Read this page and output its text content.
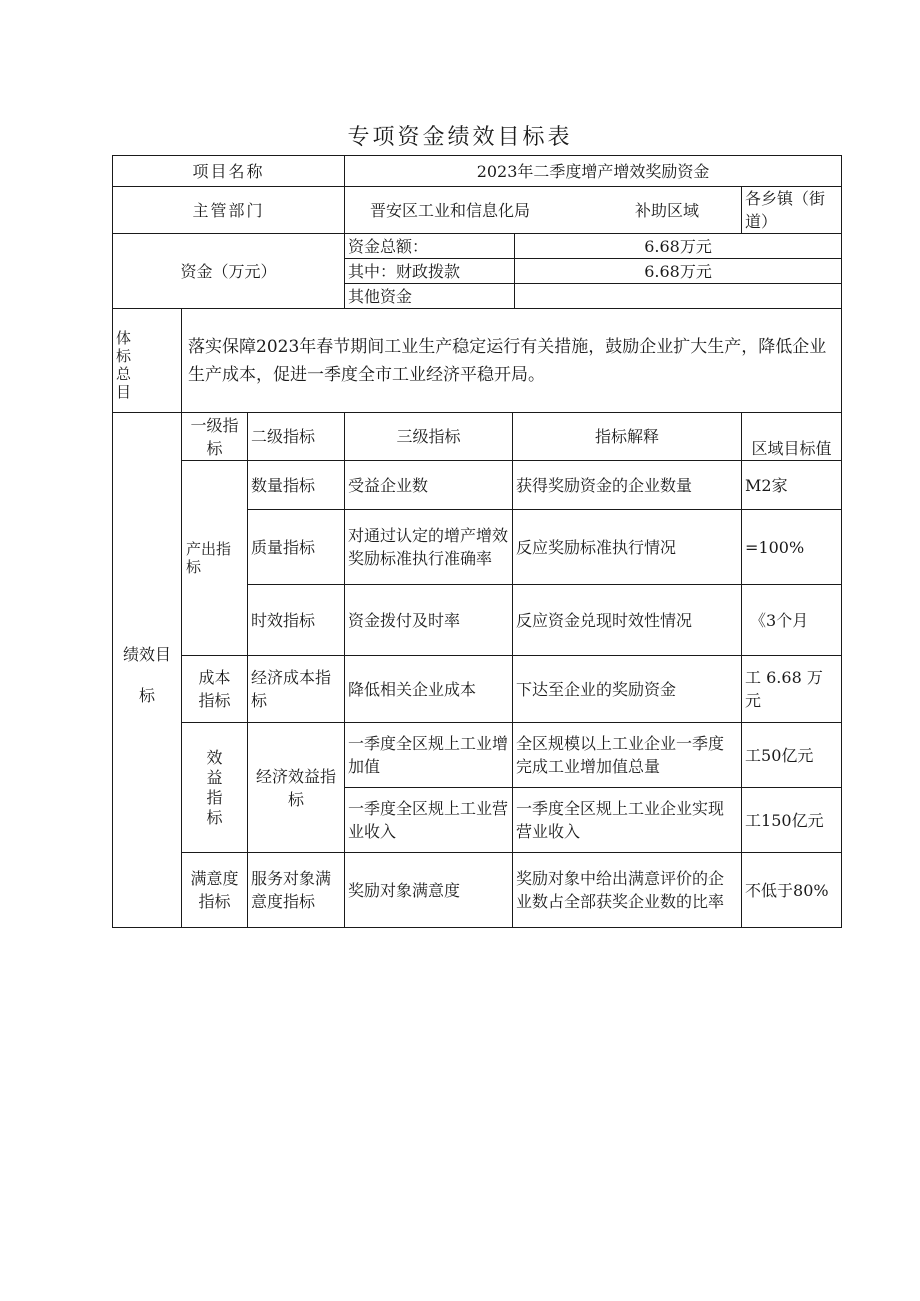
专项资金绩效目标表
项目名称			2023年二季度增产增效奖励资金			
主管部门			晋安区工业和信息化局 补助区域			各乡镇（街道）
资金（万元）			资金总额：		6.68万元	
			其中：财政拨款		6.68万元	
			其他资金			

体
标
总
目	落实保障2023年春节期间工业生产稳定运行有关措施，鼓励企业扩大生产，降低企业生产成本，促进一季度全市工业经济平稳开局。					

绩效目
标	一级指标	二级指标	三级指标	指标解释		区域目标值
	产出指标	数量指标	受益企业数	获得奖励资金的企业数量		M2家
		质量指标	对通过认定的增产增效奖励标准执行准确率	反应奖励标准执行情况		=100%
		时效指标	资金拨付及时率	反应资金兑现时效性情况		《3个月
	成本指标	经济成本指标	降低相关企业成本	下达至企业的奖励资金		工 6.68 万元
	效益指标	经济效益指标	一季度全区规上工业增加值	全区规模以上工业企业一季度完成工业增加值总量		工50亿元
			一季度全区规上工业营业收入	一季度全区规上工业企业实现营业收入		工150亿元
	满意度指标	服务对象满意度指标	奖励对象满意度	奖励对象中给出满意评价的企业数占全部获奖企业数的比率		不低于80%
